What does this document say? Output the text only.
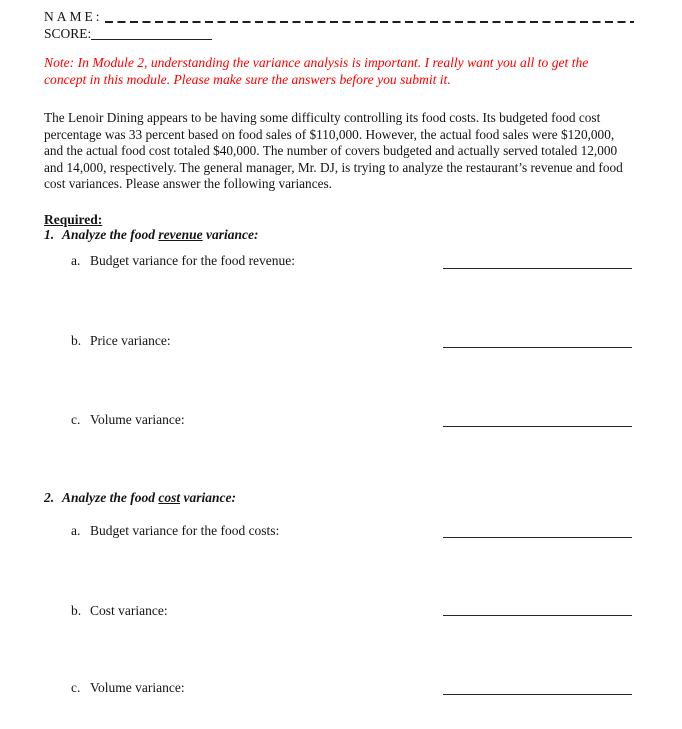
NAME:
SCORE:
Note: In Module 2, understanding the variance analysis is important. I really want you all to get the concept in this module. Please make sure the answers before you submit it.
The Lenoir Dining appears to be having some difficulty controlling its food costs. Its budgeted food cost percentage was 33 percent based on food sales of $110,000. However, the actual food sales were $120,000, and the actual food cost totaled $40,000. The number of covers budgeted and actually served totaled 12,000 and 14,000, respectively. The general manager, Mr. DJ, is trying to analyze the restaurant’s revenue and food cost variances. Please answer the following variances.
Required:
1. Analyze the food revenue variance:
a. Budget variance for the food revenue:
b. Price variance:
c. Volume variance:
2. Analyze the food cost variance:
a. Budget variance for the food costs:
b. Cost variance:
c. Volume variance:
